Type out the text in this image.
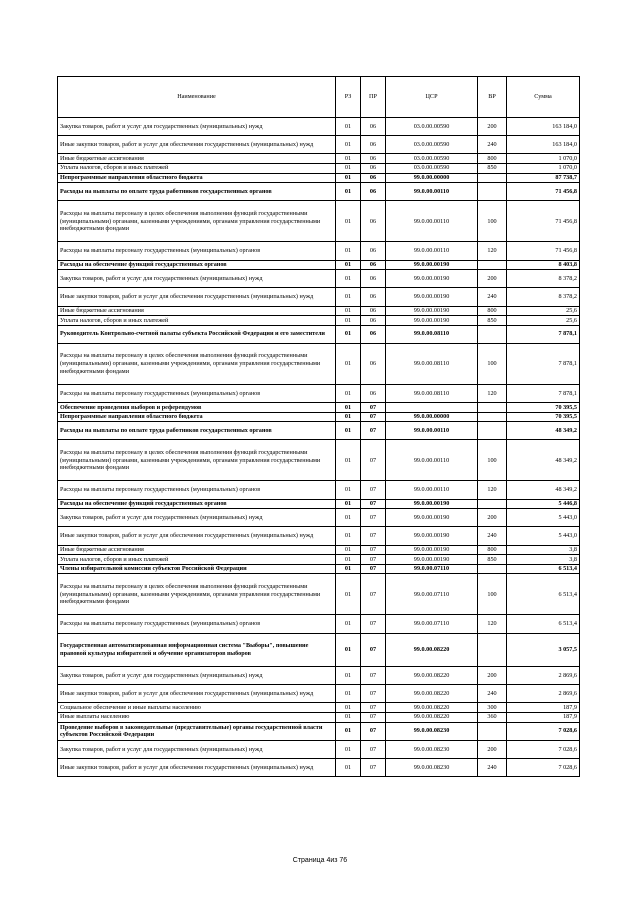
Наименование	РЗ	ПР	ЦСР	ВР	Сумма
Закупка товаров, работ и услуг для государственных (муниципальных) нужд	01	06	03.0.00.00590	200	163 184,0
Иные закупки товаров, работ и услуг для обеспечения государственных (муниципальных) нужд	01	06	03.0.00.00590	240	163 184,0
Иные бюджетные ассигнования	01	06	03.0.00.00590	800	1 070,0
Уплата налогов, сборов и иных платежей	01	06	03.0.00.00590	850	1 070,0
Непрограммные направления областного бюджета	01	06	99.0.00.00000		87 738,7
Расходы на выплаты по оплате труда работников государственных органов	01	06	99.0.00.00110		71 456,8
Расходы на выплаты персоналу в целях обеспечения выполнения функций государственными (муниципальными) органами, казенными учреждениями, органами управления государственными внебюджетными фондами	01	06	99.0.00.00110	100	71 456,8
Расходы на выплаты персоналу государственных (муниципальных) органов	01	06	99.0.00.00110	120	71 456,8
Расходы на обеспечение функций государственных органов	01	06	99.0.00.00190		8 403,8
Закупка товаров, работ и услуг для государственных (муниципальных) нужд	01	06	99.0.00.00190	200	8 378,2
Иные закупки товаров, работ и услуг для обеспечения государственных (муниципальных) нужд	01	06	99.0.00.00190	240	8 378,2
Иные бюджетные ассигнования	01	06	99.0.00.00190	800	25,6
Уплата налогов, сборов и иных платежей	01	06	99.0.00.00190	850	25,6
Руководитель Контрольно-счетной палаты субъекта Российской Федерации и его заместители	01	06	99.0.00.08110		7 878,1
Расходы на выплаты персоналу в целях обеспечения выполнения функций государственными (муниципальными) органами, казенными учреждениями, органами управления государственными внебюджетными фондами	01	06	99.0.00.08110	100	7 878,1
Расходы на выплаты персоналу государственных (муниципальных) органов	01	06	99.0.00.08110	120	7 878,1
Обеспечение проведения выборов и референдумов	01	07			70 395,5
Непрограммные направления областного бюджета	01	07	99.0.00.00000		70 395,5
Расходы на выплаты по оплате труда работников государственных органов	01	07	99.0.00.00110		48 349,2
Расходы на выплаты персоналу в целях обеспечения выполнения функций государственными (муниципальными) органами, казенными учреждениями, органами управления государственными внебюджетными фондами	01	07	99.0.00.00110	100	48 349,2
Расходы на выплаты персоналу государственных (муниципальных) органов	01	07	99.0.00.00110	120	48 349,2
Расходы на обеспечение функций государственных органов	01	07	99.0.00.00190		5 446,8
Закупка товаров, работ и услуг для государственных (муниципальных) нужд	01	07	99.0.00.00190	200	5 443,0
Иные закупки товаров, работ и услуг для обеспечения государственных (муниципальных) нужд	01	07	99.0.00.00190	240	5 443,0
Иные бюджетные ассигнования	01	07	99.0.00.00190	800	3,8
Уплата налогов, сборов и иных платежей	01	07	99.0.00.00190	850	3,8
Члены избирательной комиссии субъектов Российской Федерации	01	07	99.0.00.07110		6 513,4
Расходы на выплаты персоналу в целях обеспечения выполнения функций государственными (муниципальными) органами, казенными учреждениями, органами управления государственными внебюджетными фондами	01	07	99.0.00.07110	100	6 513,4
Расходы на выплаты персоналу государственных (муниципальных) органов	01	07	99.0.00.07110	120	6 513,4
Государственная автоматизированная информационная система "Выборы", повышение правовой культуры избирателей и обучение организаторов выборов	01	07	99.0.00.08220		3 057,5
Закупка товаров, работ и услуг для государственных (муниципальных) нужд	01	07	99.0.00.08220	200	2 869,6
Иные закупки товаров, работ и услуг для обеспечения государственных (муниципальных) нужд	01	07	99.0.00.08220	240	2 869,6
Социальное обеспечение и иные выплаты населению	01	07	99.0.00.08220	300	187,9
Иные выплаты населению	01	07	99.0.00.08220	360	187,9
Проведение выборов в законодательные (представительные) органы государственной власти субъектов Российской Федерации	01	07	99.0.00.08230		7 028,6
Закупка товаров, работ и услуг для государственных (муниципальных) нужд	01	07	99.0.00.08230	200	7 028,6
Иные закупки товаров, работ и услуг для обеспечения государственных (муниципальных) нужд	01	07	99.0.00.08230	240	7 028,6
Страница 4из 76
